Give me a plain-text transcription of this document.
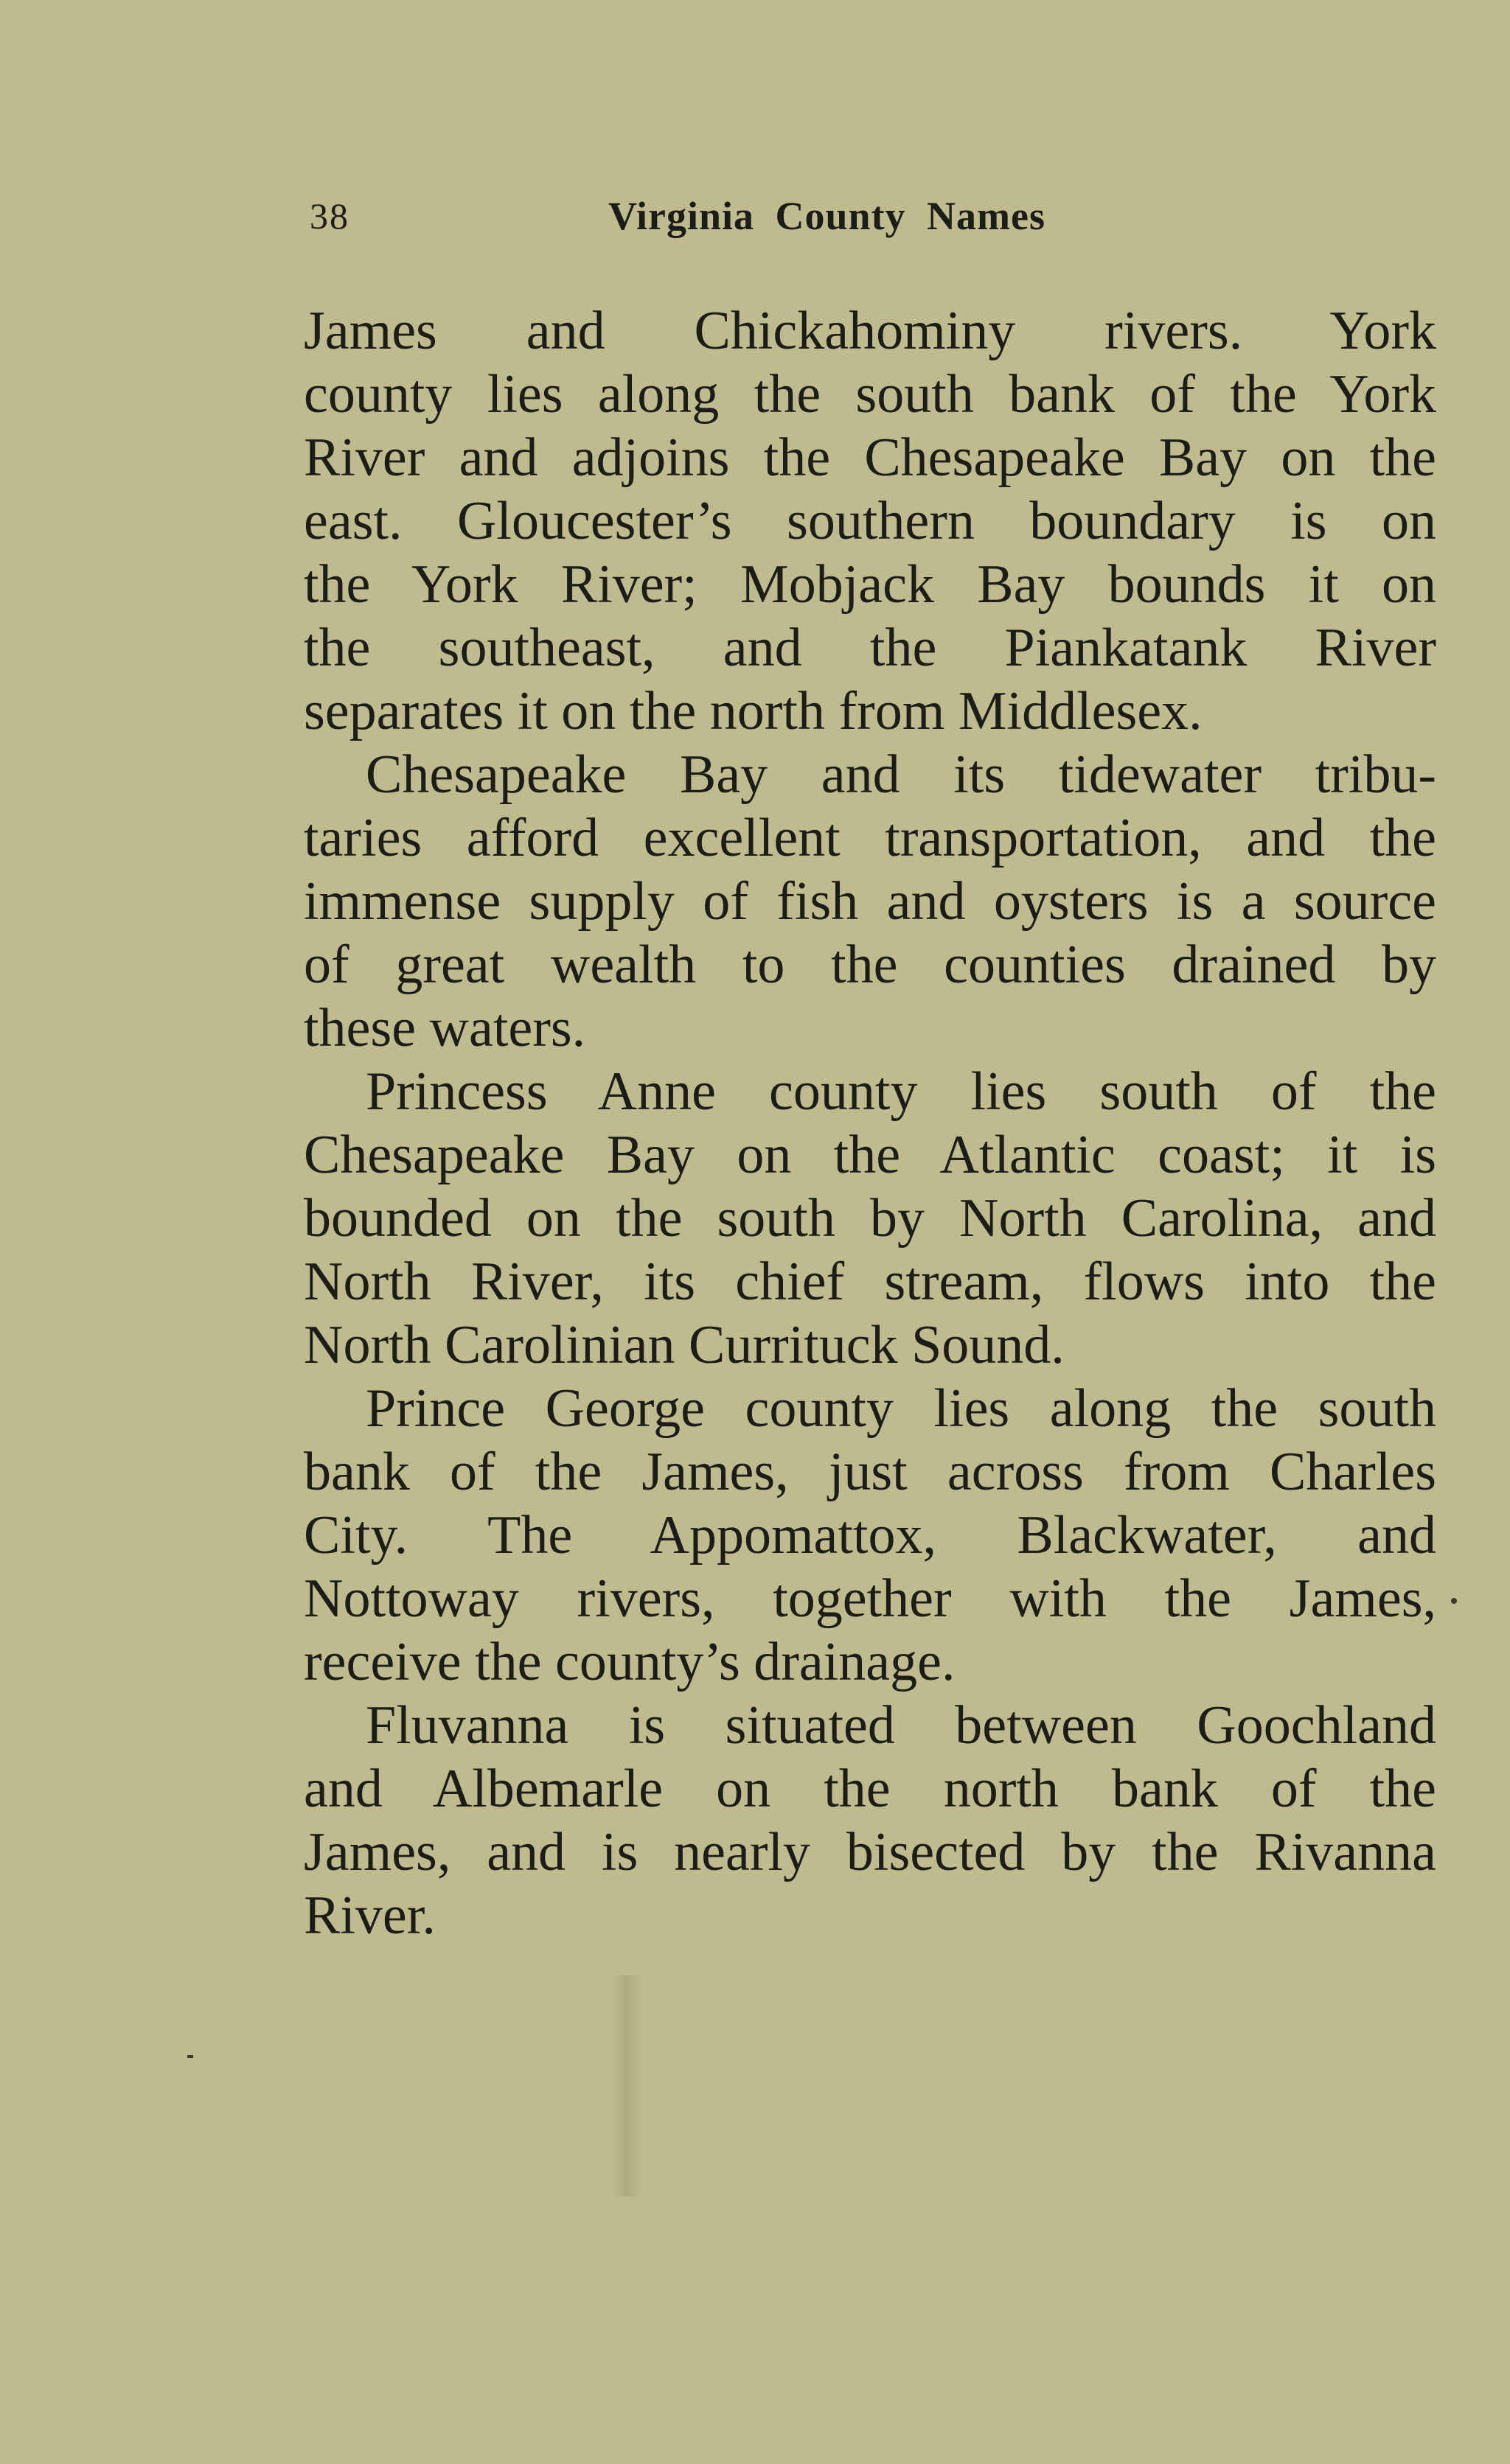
38	Virginia County Names
James and Chickahominy rivers. York
county lies along the south bank of the York
River and adjoins the Chesapeake Bay on the
east. Gloucester’s southern boundary is on
the York River; Mobjack Bay bounds it on
the southeast, and the Piankatank River
separates it on the north from Middlesex.
Chesapeake Bay and its tidewater tribu-
taries afford excellent transportation, and the
immense supply of fish and oysters is a source
of great wealth to the counties drained by
these waters.
Princess Anne county lies south of the
Chesapeake Bay on the Atlantic coast; it is
bounded on the south by North Carolina, and
North River, its chief stream, flows into the
North Carolinian Currituck Sound.
Prince George county lies along the south
bank of the James, just across from Charles
City. The Appomattox, Blackwater, and
Nottoway rivers, together with the James,
receive the county’s drainage.
Fluvanna is situated between Goochland
and Albemarle on the north bank of the
James, and is nearly bisected by the Rivanna
River.
